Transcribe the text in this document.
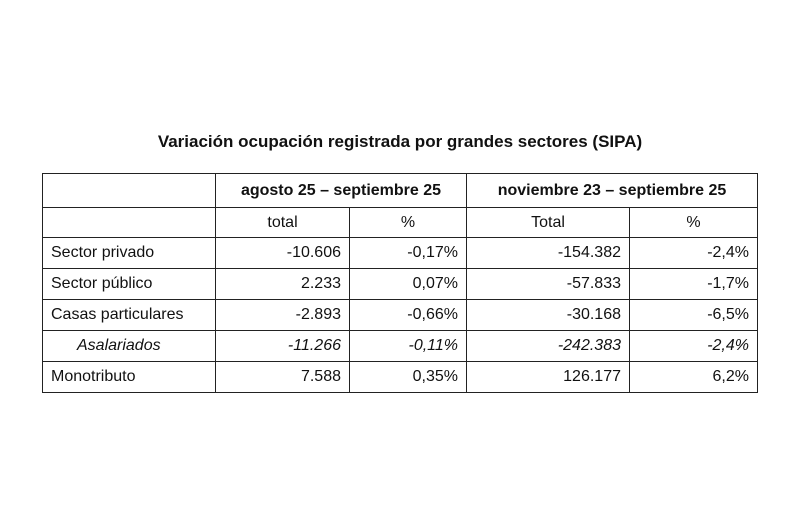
Variación ocupación registrada por grandes sectores (SIPA)
	agosto 25 – septiembre 25		noviembre 23 – septiembre 25	
	total	%	Total	%
Sector privado	-10.606	-0,17%	-154.382	-2,4%
Sector público	2.233	0,07%	-57.833	-1,7%
Casas particulares	-2.893	-0,66%	-30.168	-6,5%
Asalariados	-11.266	-0,11%	-242.383	-2,4%
Monotributo	7.588	0,35%	126.177	6,2%
